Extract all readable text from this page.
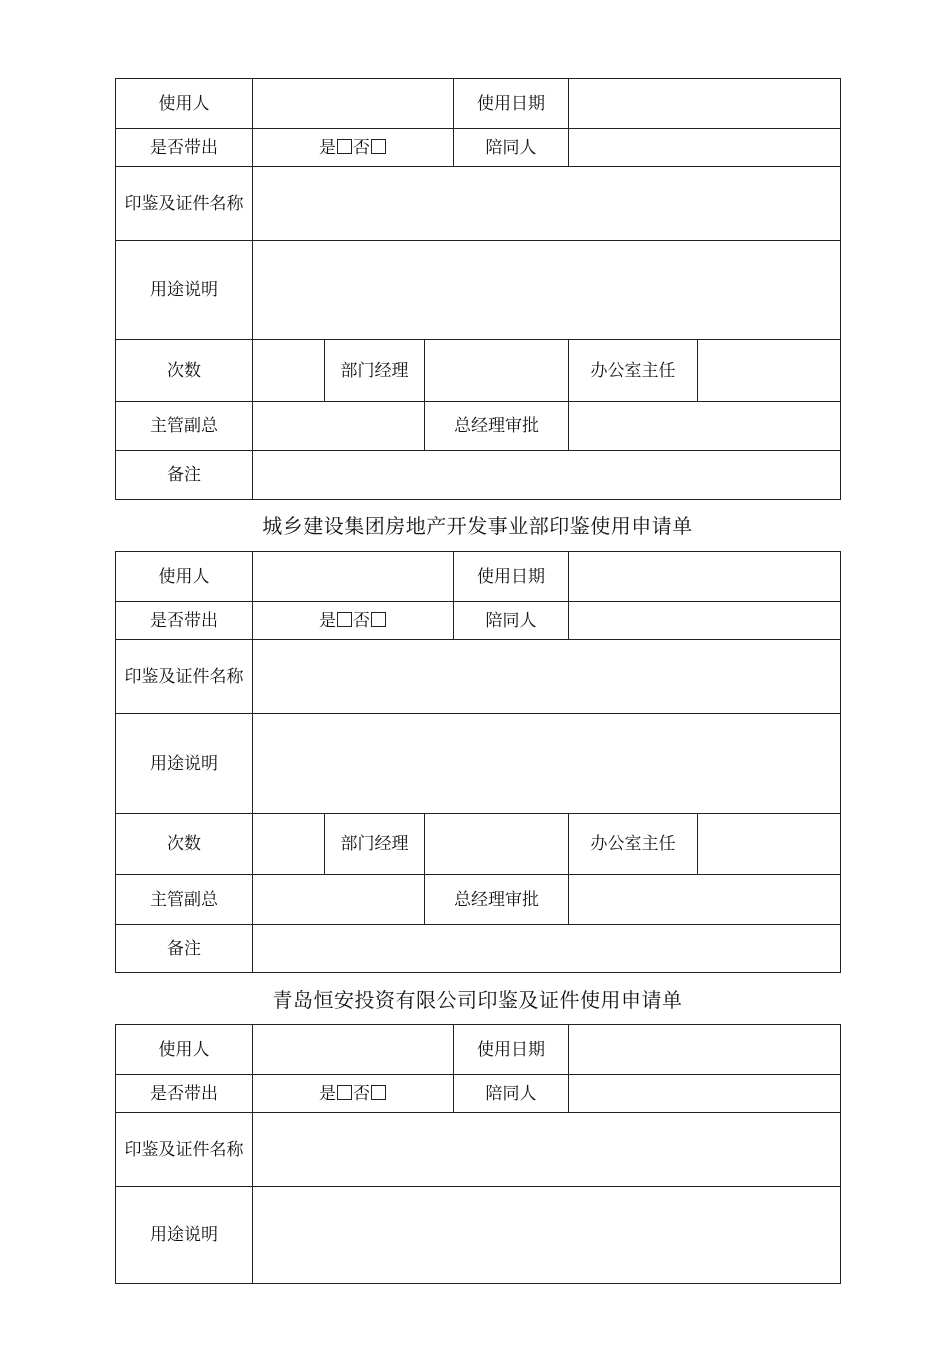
使用人				使用日期		
是否带出	是 否			陪同人		
印鉴及证件名称						
用途说明						
次数		部门经理			办公室主任	
主管副总			总经理审批			
备注						
城乡建设集团房地产开发事业部印鉴使用申请单
使用人				使用日期		
是否带出	是 否			陪同人		
印鉴及证件名称						
用途说明						
次数		部门经理			办公室主任	
主管副总			总经理审批			
备注						
青岛恒安投资有限公司印鉴及证件使用申请单
使用人		使用日期	
是否带出	是 否	陪同人	
印鉴及证件名称			
用途说明			
